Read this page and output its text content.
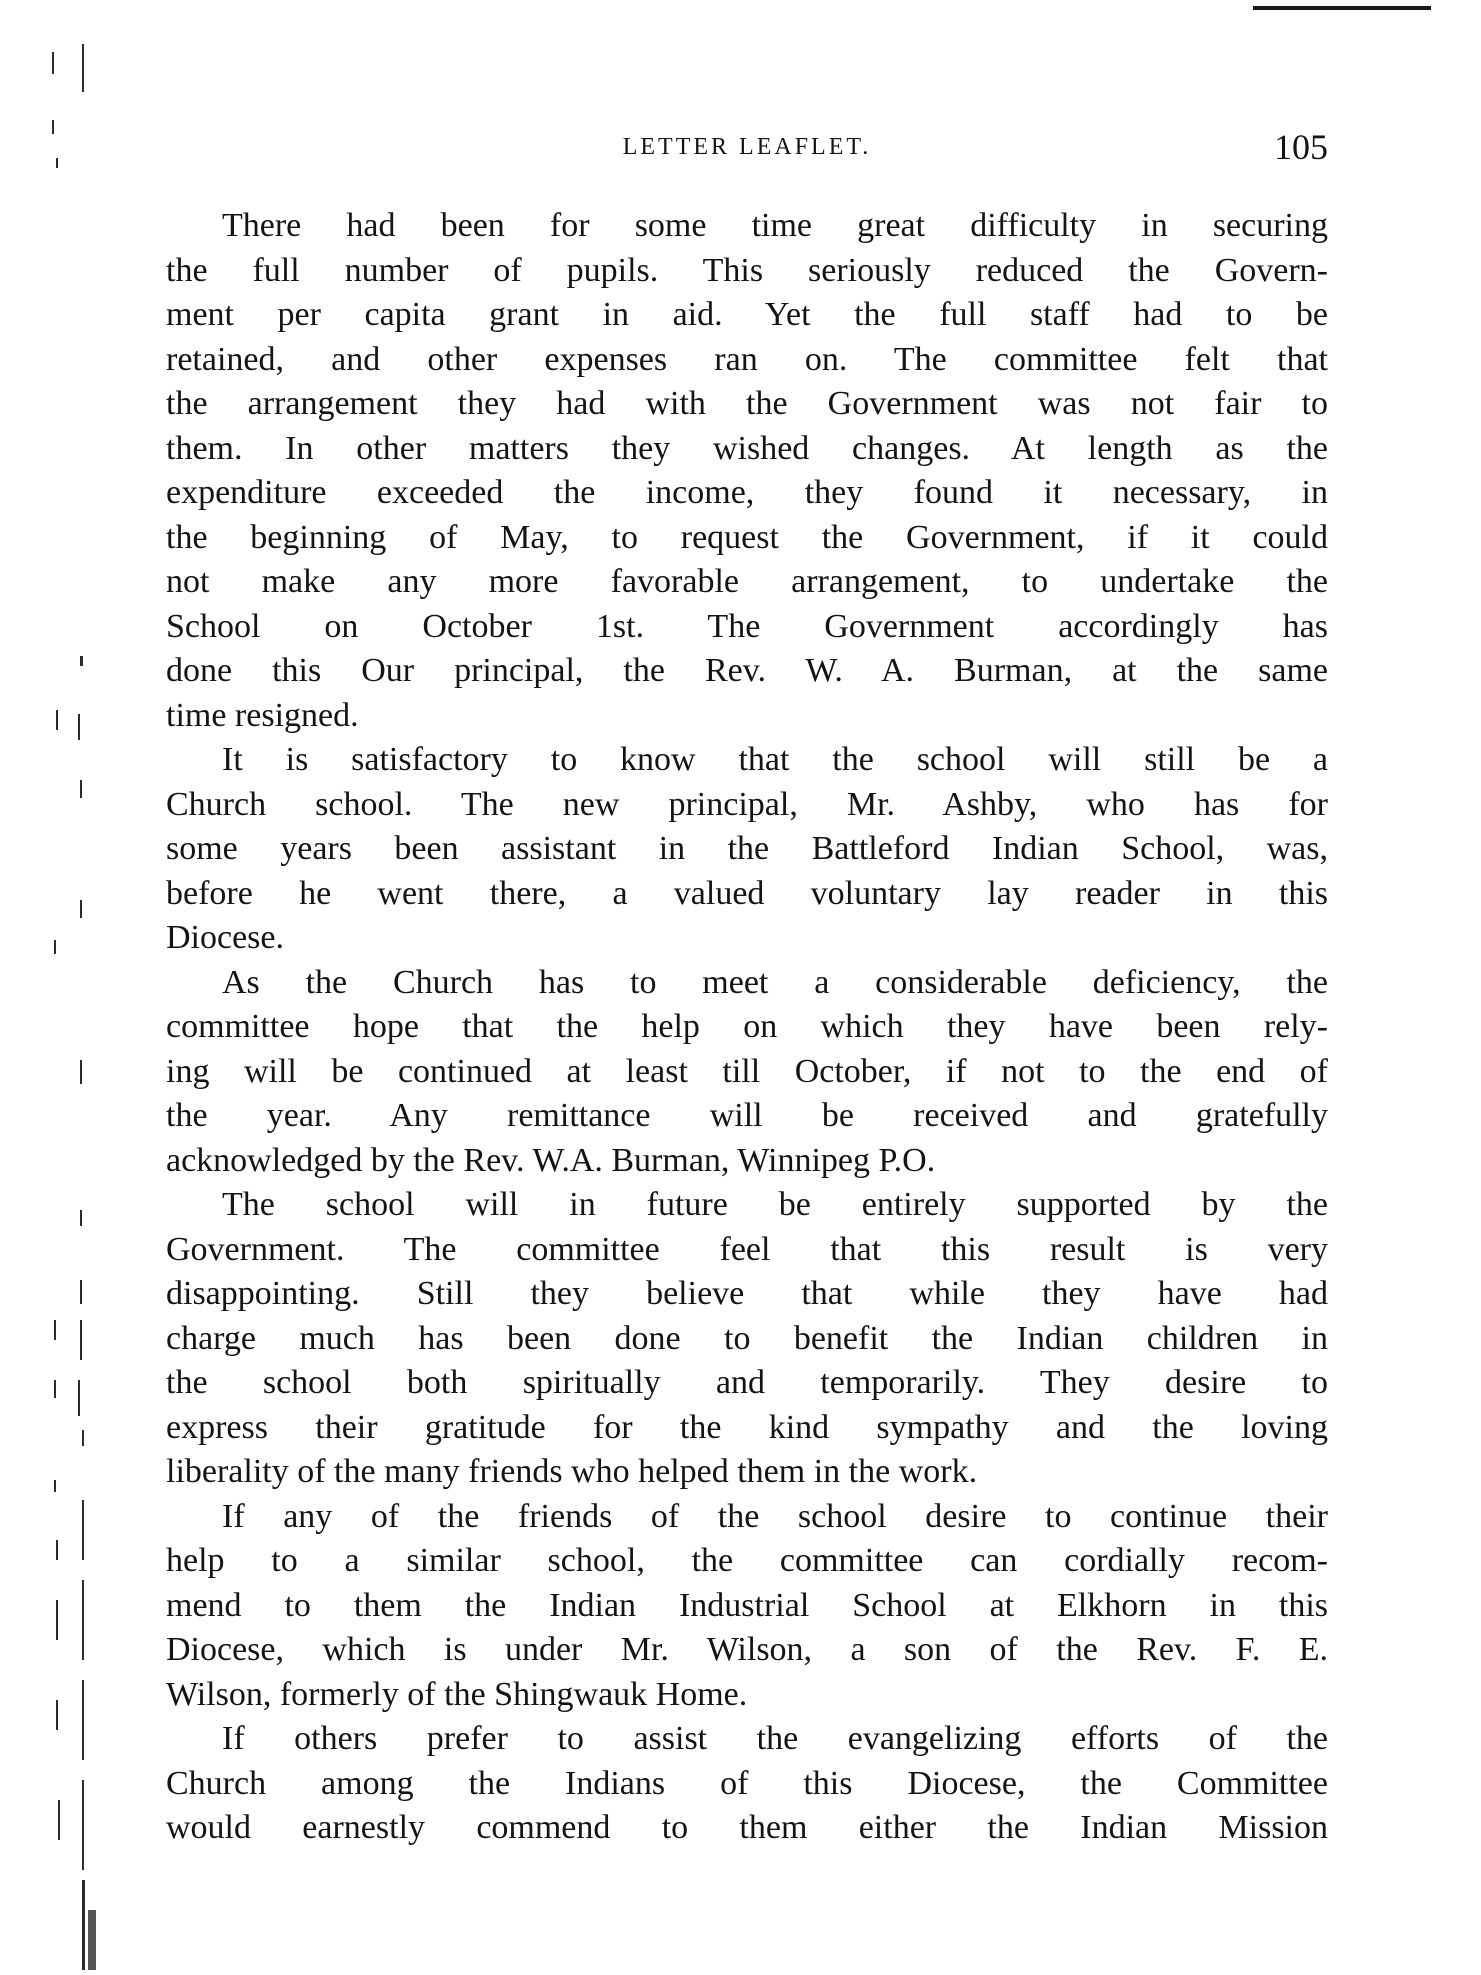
LETTER LEAFLET.	105
There had been for some time great difficulty in securing
the full number of pupils. This seriously reduced the Govern-
ment per capita grant in aid. Yet the full staff had to be
retained, and other expenses ran on. The committee felt that
the arrangement they had with the Government was not fair to
them. In other matters they wished changes. At length as the
expenditure exceeded the income, they found it necessary, in
the beginning of May, to request the Government, if it could
not make any more favorable arrangement, to undertake the
School on October 1st. The Government accordingly has
done this Our principal, the Rev. W. A. Burman, at the same
time resigned.
It is satisfactory to know that the school will still be a
Church school. The new principal, Mr. Ashby, who has for
some years been assistant in the Battleford Indian School, was,
before he went there, a valued voluntary lay reader in this
Diocese.
As the Church has to meet a considerable deficiency, the
committee hope that the help on which they have been rely-
ing will be continued at least till October, if not to the end of
the year. Any remittance will be received and gratefully
acknowledged by the Rev. W.A. Burman, Winnipeg P.O.
The school will in future be entirely supported by the
Government. The committee feel that this result is very
disappointing. Still they believe that while they have had
charge much has been done to benefit the Indian children in
the school both spiritually and temporarily. They desire to
express their gratitude for the kind sympathy and the loving
liberality of the many friends who helped them in the work.
If any of the friends of the school desire to continue their
help to a similar school, the committee can cordially recom-
mend to them the Indian Industrial School at Elkhorn in this
Diocese, which is under Mr. Wilson, a son of the Rev. F. E.
Wilson, formerly of the Shingwauk Home.
If others prefer to assist the evangelizing efforts of the
Church among the Indians of this Diocese, the Committee
would earnestly commend to them either the Indian Mission
